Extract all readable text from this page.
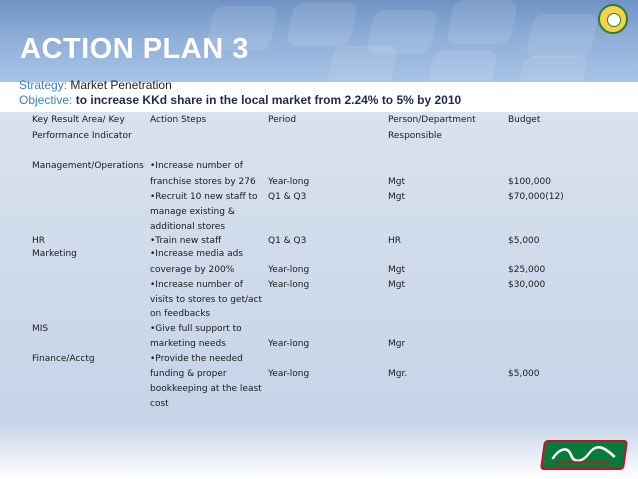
ACTION PLAN 3
Strategy: Market Penetration
Objective: to increase KKd share in the local market from 2.24% to 5% by 2010
Key Result Area/ Key
Performance Indicator
Action Steps	Period	Person/Department
Responsible
Budget
Management/Operations
HR
Marketing
MIS
Finance/Acctg
•Increase number of
franchise stores by 276
•Recruit 10 new staff to
manage existing &
additional stores
•Train new staff
•Increase media ads
coverage by 200%
•Increase number of
visits to stores to get/act
on feedbacks
•Give full support to
marketing needs
•Provide the needed
funding & proper
bookkeeping at the least
cost
Year-long
Q1 & Q3
Q1 & Q3
Year-long
Year-long
Year-long
Year-long
Mgt
Mgt
HR
Mgt
Mgt
Mgr
Mgr.
$100,000
$70,000(12)
$5,000
$25,000
$30,000
$5,000
